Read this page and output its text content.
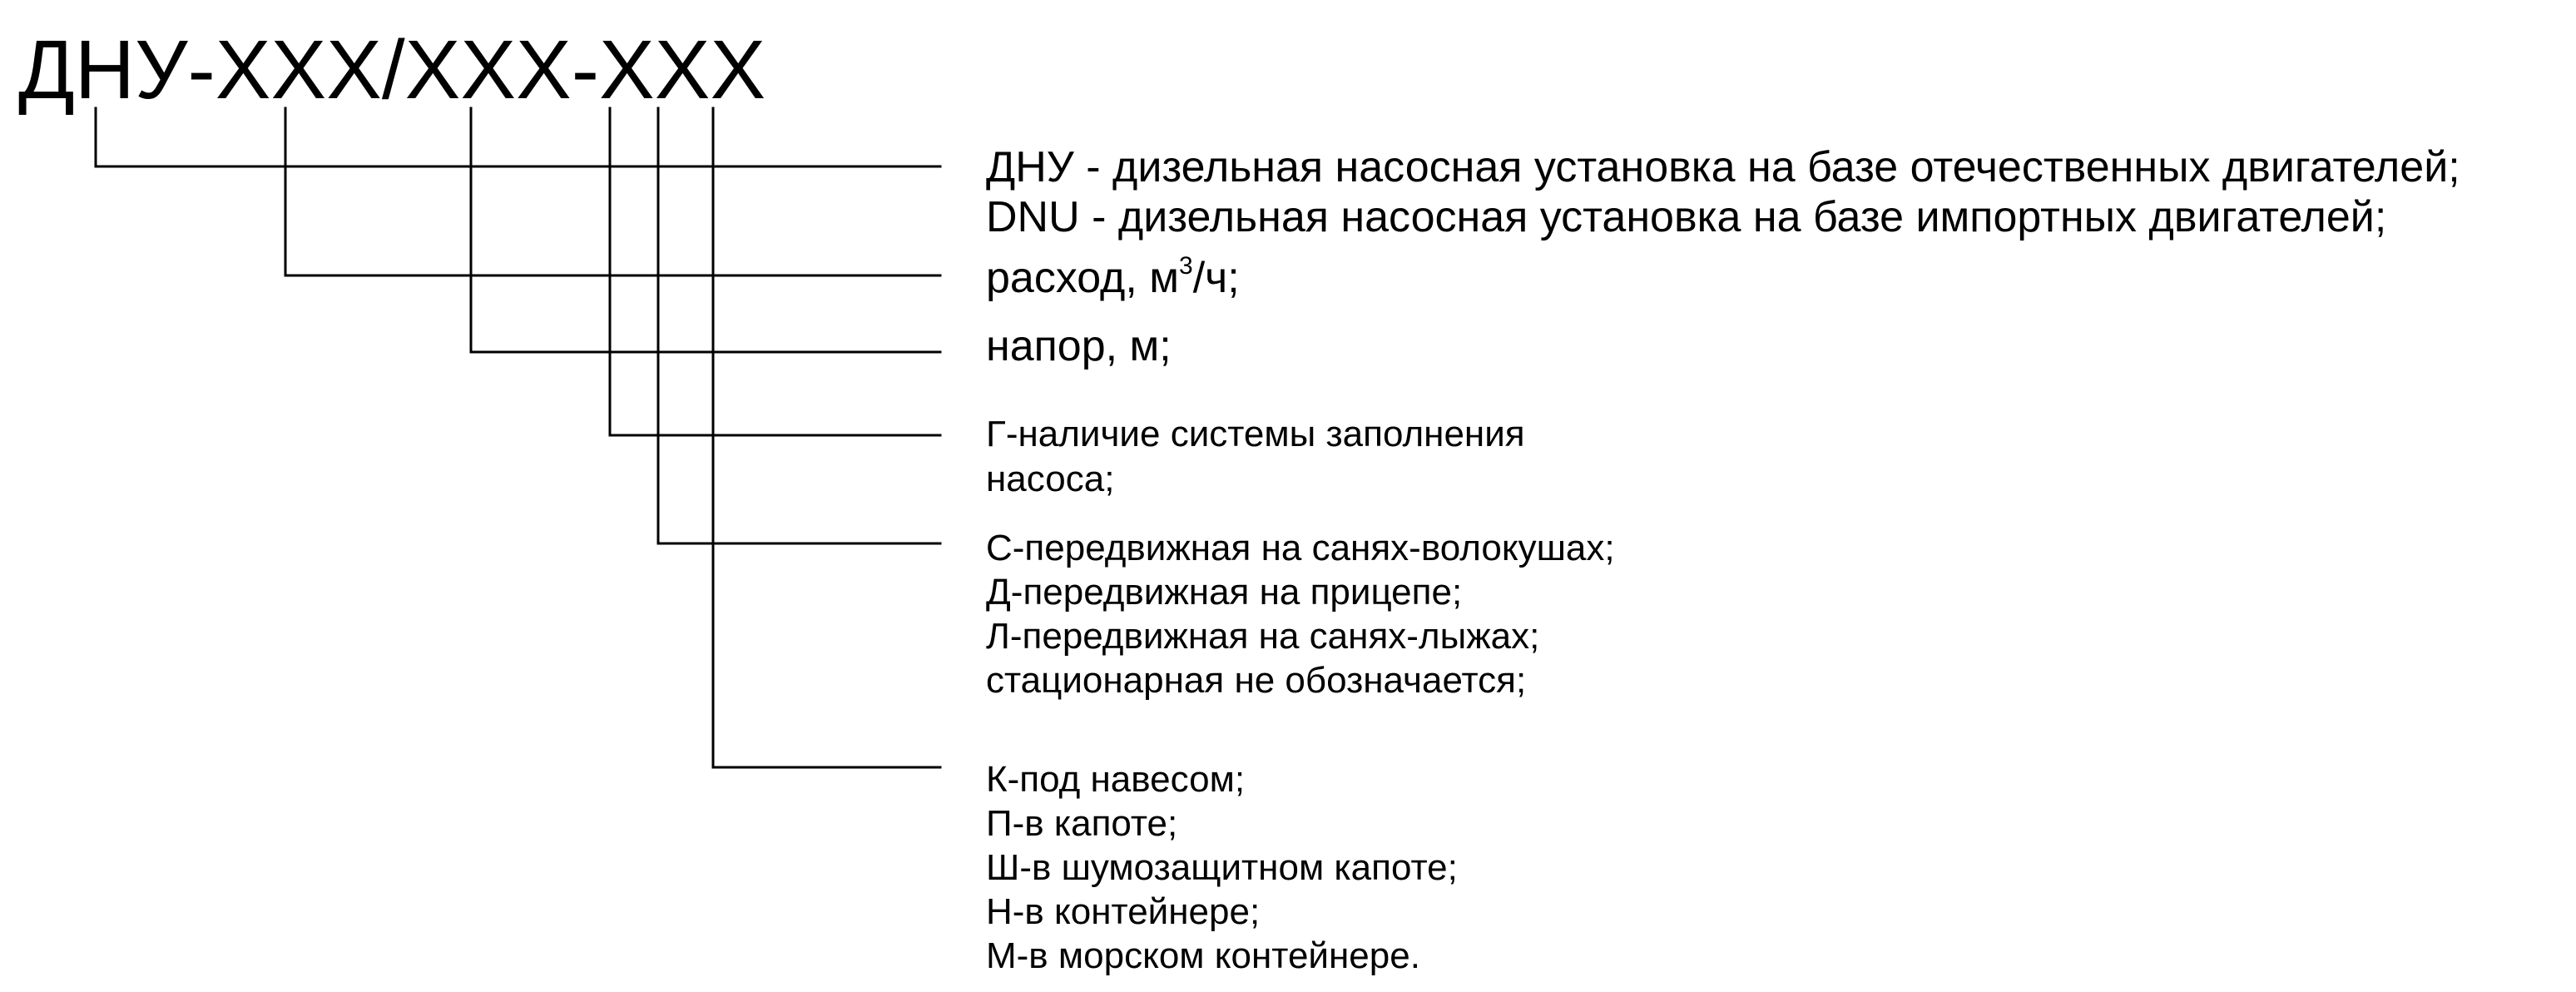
ДНУ-XXX/XXX-XXX
ДНУ - дизельная насосная установка на базе отечественных двигателей;
DNU - дизельная насосная установка на базе импортных двигателей;
расход, $м^3/ч$;
напор, м;
Г-наличие системы заполнения
насоса;
С-передвижная на санях-волокушах;
Д-передвижная на прицепе;
Л-передвижная на санях-лыжах;
стационарная не обозначается;
К-под навесом;
П-в капоте;
Ш-в шумозащитном капоте;
Н-в контейнере;
М-в морском контейнере.
